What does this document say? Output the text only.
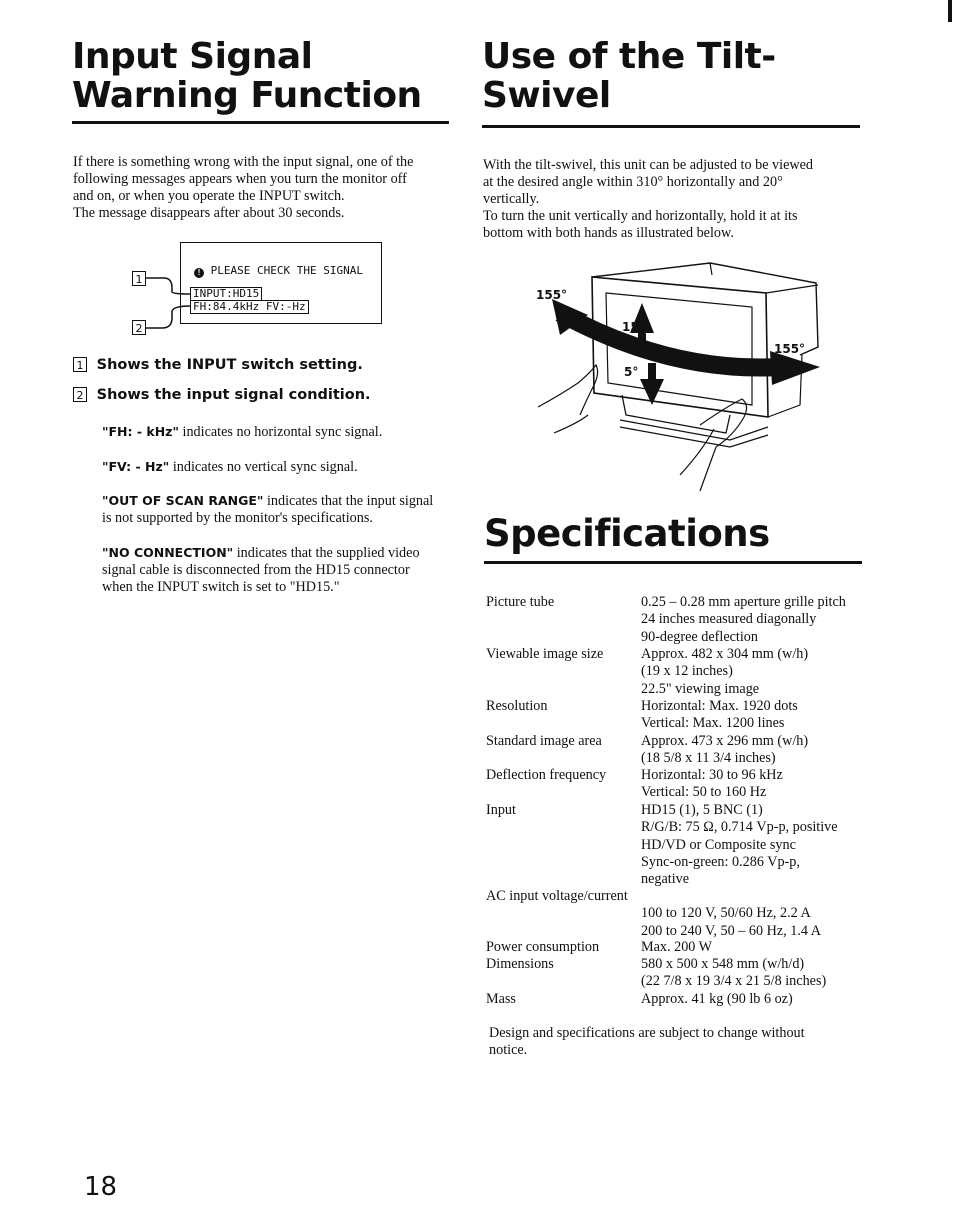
Input Signal
Warning Function
If there is something wrong with the input signal, one of the
following messages appears when you turn the monitor off
and on, or when you operate the INPUT switch.
The message disappears after about 30 seconds.
! PLEASE CHECK THE SIGNAL
INPUT:HD15
FH:84.4kHz FV:-Hz
1
2
1 Shows the INPUT switch setting.
2 Shows the input signal condition.
"FH: - kHz" indicates no horizontal sync signal.
"FV: - Hz" indicates no vertical sync signal.
"OUT OF SCAN RANGE" indicates that the input signal
is not supported by the monitor's specifications.
"NO CONNECTION" indicates that the supplied video
signal cable is disconnected from the HD15 connector
when the INPUT switch is set to "HD15."
Use of the Tilt-
Swivel
With the tilt-swivel, this unit can be adjusted to be viewed
at the desired angle within 310° horizontally and 20°
vertically.
To turn the unit vertically and horizontally, hold it at its
bottom with both hands as illustrated below.
155°
155°
15°
5°
Specifications
Picture tube	0.25 – 0.28 mm aperture grille pitch
24 inches measured diagonally
90-degree deflection
Viewable image size	Approx. 482 x 304 mm (w/h)
(19 x 12 inches)
22.5" viewing image
Resolution	Horizontal: Max. 1920 dots
Vertical: Max. 1200 lines
Standard image area	Approx. 473 x 296 mm (w/h)
(18 5/8 x 11 3/4 inches)
Deflection frequency	Horizontal: 30 to 96 kHz
Vertical: 50 to 160 Hz
Input	HD15 (1), 5 BNC (1)
R/G/B: 75 Ω, 0.714 Vp-p, positive
HD/VD or Composite sync
Sync-on-green: 0.286 Vp-p,
negative
AC input voltage/current
100 to 120 V, 50/60 Hz, 2.2 A
200 to 240 V, 50 – 60 Hz, 1.4 A
Power consumption	Max. 200 W
Dimensions	580 x 500 x 548 mm (w/h/d)
(22 7/8 x 19 3/4 x 21 5/8 inches)
Mass	Approx. 41 kg (90 lb 6 oz)
Design and specifications are subject to change without
notice.
18
